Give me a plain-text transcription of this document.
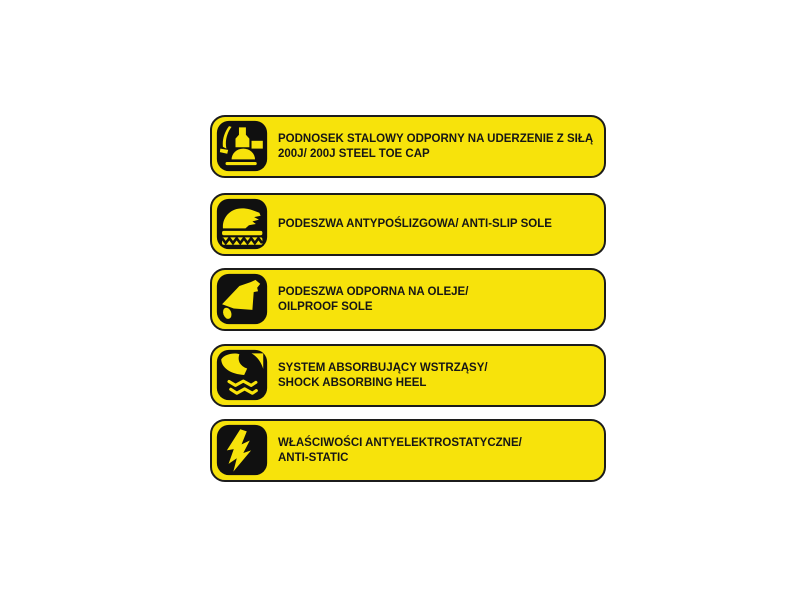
PODNOSEK STALOWY ODPORNY NA UDERZENIE Z SIŁĄ
200J/ 200J STEEL TOE CAP
PODESZWA ANTYPOŚLIZGOWA/ ANTI-SLIP SOLE
PODESZWA ODPORNA NA OLEJE/
OILPROOF SOLE
SYSTEM ABSORBUJĄCY WSTRZĄSY/
SHOCK ABSORBING HEEL
WŁAŚCIWOŚCI ANTYELEKTROSTATYCZNE/
ANTI-STATIC
